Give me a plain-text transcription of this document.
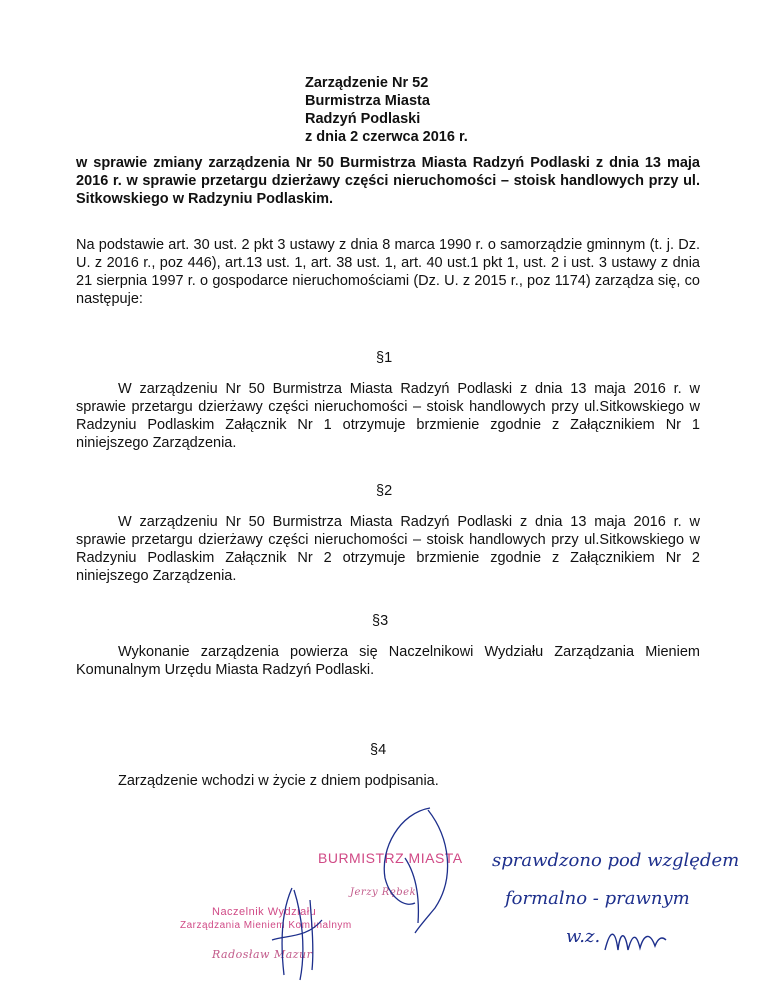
Zarządzenie Nr 52
Burmistrza Miasta
Radzyń Podlaski
z dnia 2 czerwca 2016 r.
w sprawie zmiany zarządzenia Nr 50 Burmistrza Miasta Radzyń Podlaski z dnia 13 maja 2016 r. w sprawie przetargu dzierżawy części nieruchomości – stoisk handlowych przy ul. Sitkowskiego w Radzyniu Podlaskim.
Na podstawie art. 30 ust. 2 pkt 3 ustawy z dnia 8 marca 1990 r. o samorządzie gminnym (t. j. Dz. U. z 2016 r., poz 446), art.13 ust. 1, art. 38 ust. 1, art. 40 ust.1 pkt 1, ust. 2 i ust. 3 ustawy z dnia 21 sierpnia 1997 r. o gospodarce nieruchomościami (Dz. U. z 2015 r., poz 1174) zarządza się, co następuje:
§1
W zarządzeniu Nr 50 Burmistrza Miasta Radzyń Podlaski z dnia 13 maja 2016 r. w sprawie przetargu dzierżawy części nieruchomości – stoisk handlowych przy ul.Sitkowskiego w Radzyniu Podlaskim Załącznik Nr 1 otrzymuje brzmienie zgodnie z Załącznikiem Nr 1 niniejszego Zarządzenia.
§2
W zarządzeniu Nr 50 Burmistrza Miasta Radzyń Podlaski z dnia 13 maja 2016 r. w sprawie przetargu dzierżawy części nieruchomości – stoisk handlowych przy ul.Sitkowskiego w Radzyniu Podlaskim Załącznik Nr 2 otrzymuje brzmienie zgodnie z Załącznikiem Nr 2 niniejszego Zarządzenia.
§3
Wykonanie zarządzenia powierza się Naczelnikowi Wydziału Zarządzania Mieniem Komunalnym Urzędu Miasta Radzyń Podlaski.
§4
Zarządzenie wchodzi w życie z dniem podpisania.
BURMISTRZ MIASTA
Jerzy Rębek
Naczelnik Wydziału
Zarządzania Mieniem Komunalnym
Radosław Mazur
sprawdzono pod względem
formalno - prawnym
w.z.
